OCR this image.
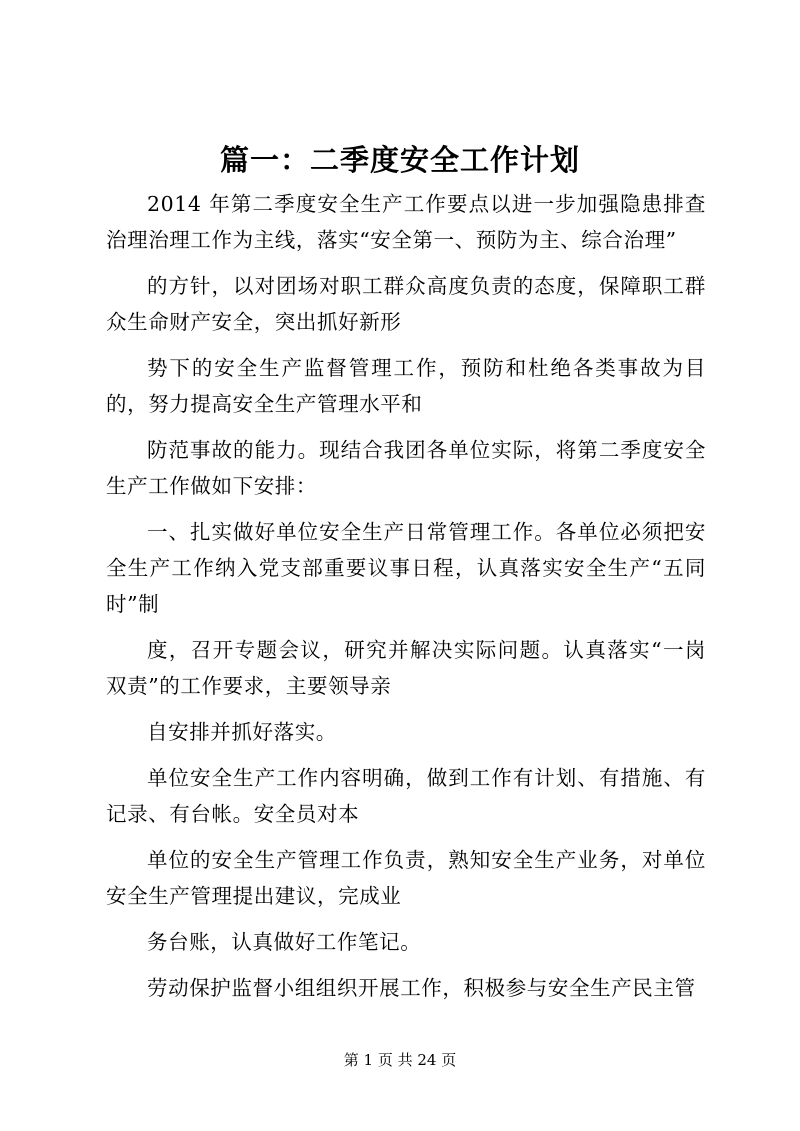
篇一：二季度安全工作计划

2014 年第二季度安全生产工作要点以进一步加强隐患排查治理治理工作为主线，落实“安全第一、预防为主、综合治理”

的方针，以对团场对职工群众高度负责的态度，保障职工群众生命财产安全，突出抓好新形

势下的安全生产监督管理工作，预防和杜绝各类事故为目的，努力提高安全生产管理水平和

防范事故的能力。现结合我团各单位实际，将第二季度安全生产工作做如下安排：

一、扎实做好单位安全生产日常管理工作。各单位必须把安全生产工作纳入党支部重要议事日程，认真落实安全生产“五同时”制

度，召开专题会议，研究并解决实际问题。认真落实“一岗双责”的工作要求，主要领导亲

自安排并抓好落实。

单位安全生产工作内容明确，做到工作有计划、有措施、有记录、有台帐。安全员对本

单位的安全生产管理工作负责，熟知安全生产业务，对单位安全生产管理提出建议，完成业

务台账，认真做好工作笔记。

劳动保护监督小组组织开展工作，积极参与安全生产民主管

第 1 页 共 24 页
